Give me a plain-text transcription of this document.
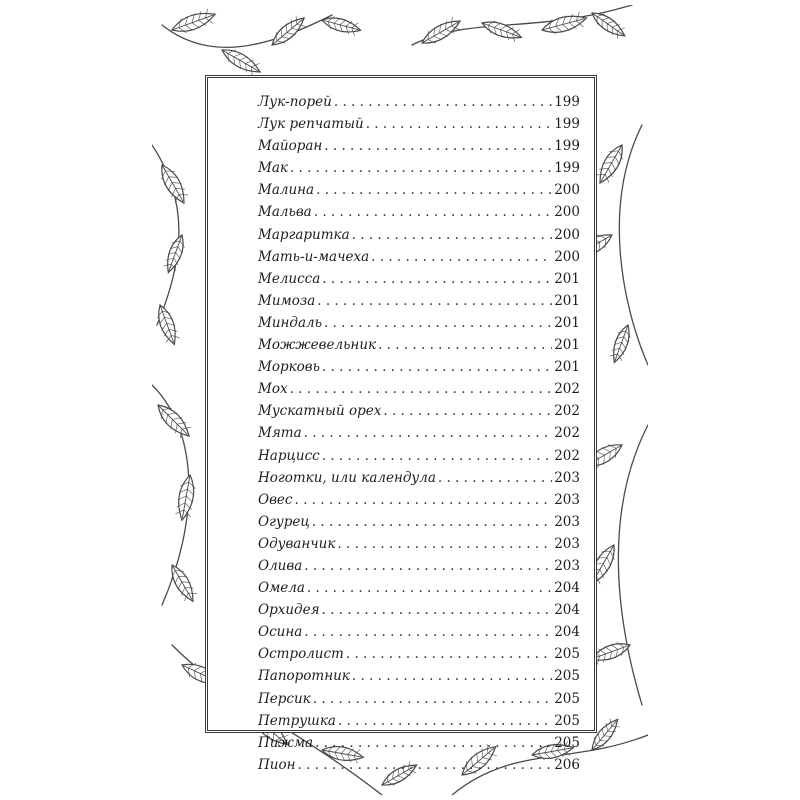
Лук-порей . . .	199
Лук репчатый . . .	199
Майоран . . .	199
Мак . . .	199
Малина . . .	200
Мальва . . .	200
Маргаритка . . .	200
Мать-и-мачеха . . .	200
Мелисса . . .	201
Мимоза . . .	201
Миндаль . . .	201
Можжевельник . . .	201
Морковь . . .	201
Мох . . .	202
Мускатный орех . . .	202
Мята . . .	202
Нарцисс . . .	202
Ноготки, или календула . . .	203
Овес . . .	203
Огурец . . .	203
Одуванчик . . .	203
Олива . . .	203
Омела . . .	204
Орхидея . . .	204
Осина . . .	204
Остролист . . .	205
Папоротник . . .	205
Персик . . .	205
Петрушка . . .	205
Пижма . . .	205
Пион . . .	206
